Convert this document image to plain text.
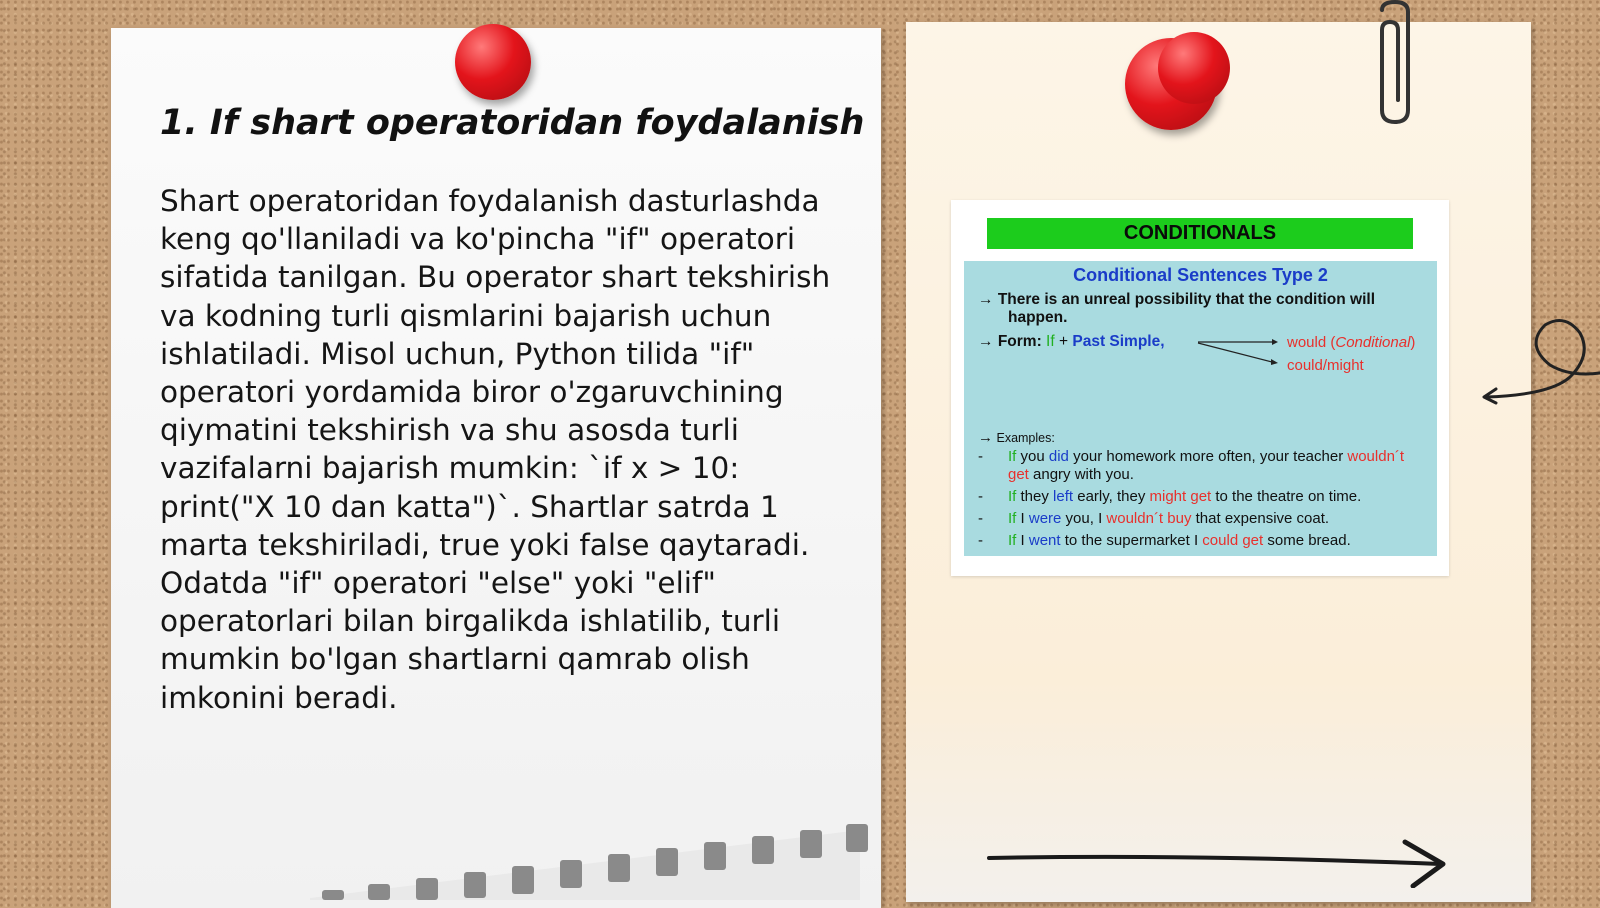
1. If shart operatoridan foydalanish

Shart operatoridan foydalanish dasturlashda keng qo'llaniladi va ko'pincha "if" operatori sifatida tanilgan. Bu operator shart tekshirish va kodning turli qismlarini bajarish uchun ishlatiladi. Misol uchun, Python tilida "if" operatori yordamida biror o'zgaruvchining qiymatini tekshirish va shu asosda turli vazifalarni bajarish mumkin: `if x > 10: print("X 10 dan katta")`. Shartlar satrda 1 marta tekshiriladi, true yoki false qaytaradi. Odatda "if" operatori "else" yoki "elif" operatorlari bilan birgalikda ishlatilib, turli mumkin bo'lgan shartlarni qamrab olish imkonini beradi.

CONDITIONALS
Conditional Sentences Type 2
→ There is an unreal possibility that the condition will
happen.
→ Form: If + Past Simple,	would (Conditional)
could/might
→ Examples:
- If you did your homework more often, your teacher wouldn´t get angry with you.
- If they left early, they might get to the theatre on time.
- If I were you, I wouldn´t buy that expensive coat.
- If I went to the supermarket I could get some bread.
